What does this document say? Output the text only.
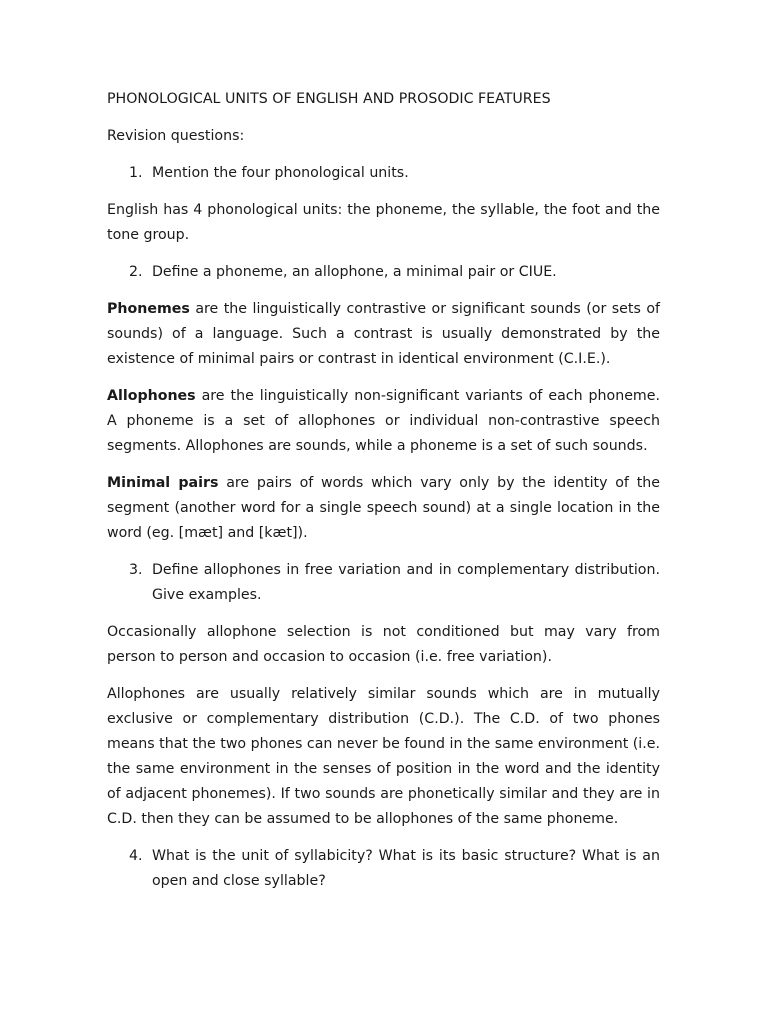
PHONOLOGICAL UNITS OF ENGLISH AND PROSODIC FEATURES

Revision questions:

1. Mention the four phonological units.

English has 4 phonological units: the phoneme, the syllable, the foot and the tone group.

2. Define a phoneme, an allophone, a minimal pair or CIUE.

Phonemes are the linguistically contrastive or significant sounds (or sets of sounds) of a language. Such a contrast is usually demonstrated by the existence of minimal pairs or contrast in identical environment (C.I.E.).

Allophones are the linguistically non-significant variants of each phoneme. A phoneme is a set of allophones or individual non-contrastive speech segments. Allophones are sounds, while a phoneme is a set of such sounds.

Minimal pairs are pairs of words which vary only by the identity of the segment (another word for a single speech sound) at a single location in the word (eg. [mæt] and [kæt]).

3. Define allophones in free variation and in complementary distribution. Give examples.

Occasionally allophone selection is not conditioned but may vary from person to person and occasion to occasion (i.e. free variation).

Allophones are usually relatively similar sounds which are in mutually exclusive or complementary distribution (C.D.). The C.D. of two phones means that the two phones can never be found in the same environment (i.e. the same environment in the senses of position in the word and the identity of adjacent phonemes). If two sounds are phonetically similar and they are in C.D. then they can be assumed to be allophones of the same phoneme.

4. What is the unit of syllabicity? What is its basic structure? What is an open and close syllable?
